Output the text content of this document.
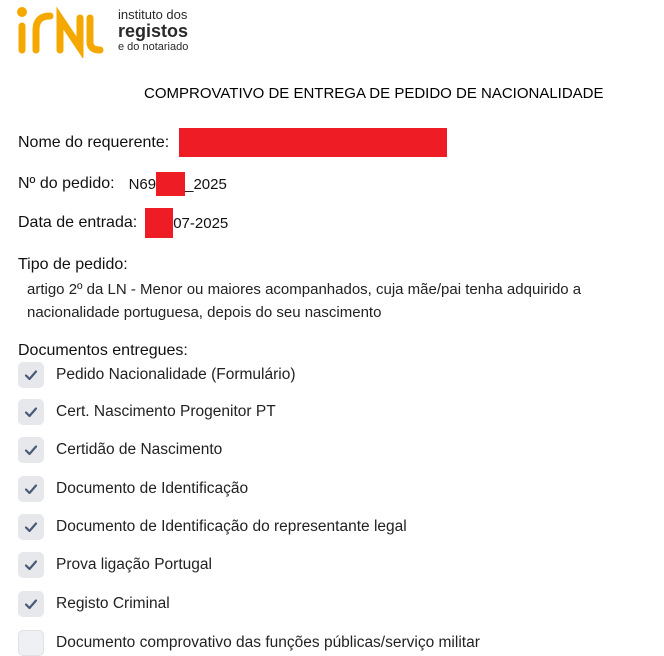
instituto dos
registos
e do notariado
COMPROVATIVO DE ENTREGA DE PEDIDO DE NACIONALIDADE
Nome do requerente:
Nº do pedido: N69 _2025
Data de entrada: 07-2025
Tipo de pedido:
artigo 2º da LN - Menor ou maiores acompanhados, cuja mãe/pai tenha adquirido a nacionalidade portuguesa, depois do seu nascimento
Documentos entregues:
Pedido Nacionalidade (Formulário)
Cert. Nascimento Progenitor PT
Certidão de Nascimento
Documento de Identificação
Documento de Identificação do representante legal
Prova ligação Portugal
Registo Criminal
Documento comprovativo das funções públicas/serviço militar
